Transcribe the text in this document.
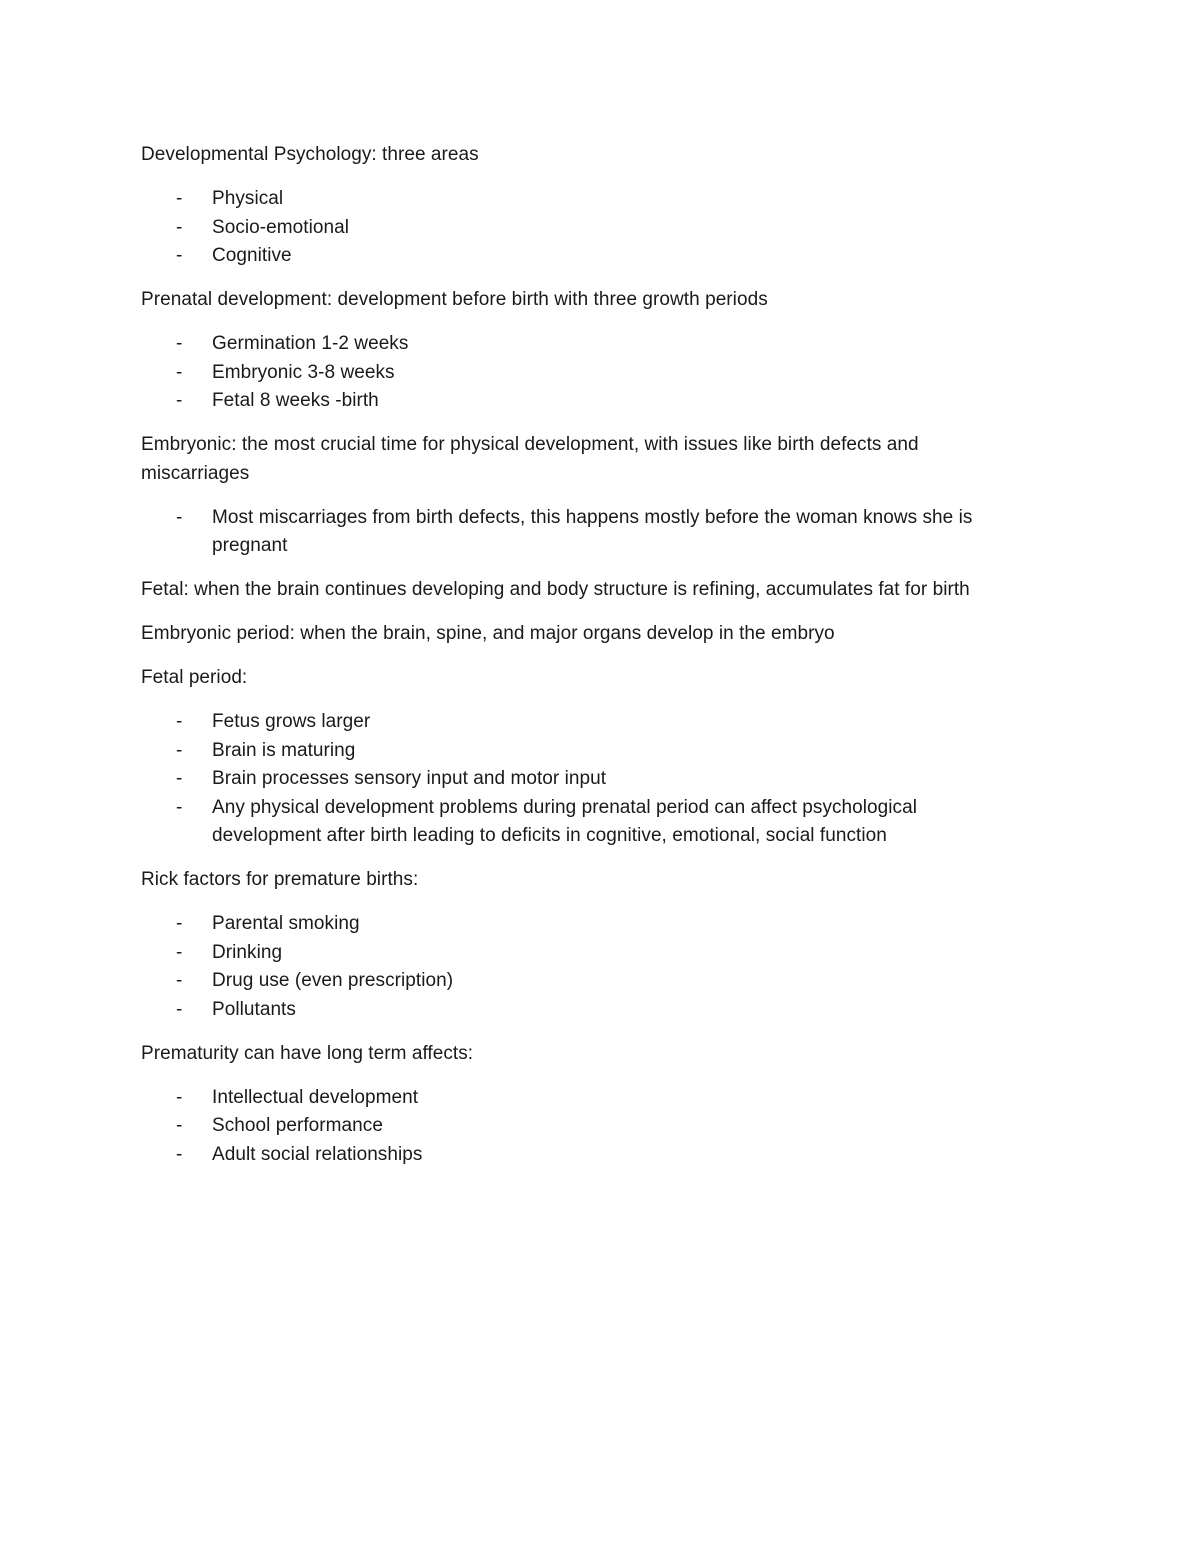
Developmental Psychology: three areas

- Physical
- Socio-emotional
- Cognitive

Prenatal development: development before birth with three growth periods

- Germination 1-2 weeks
- Embryonic 3-8 weeks
- Fetal 8 weeks -birth

Embryonic: the most crucial time for physical development, with issues like birth defects and miscarriages

- Most miscarriages from birth defects, this happens mostly before the woman knows she is pregnant

Fetal: when the brain continues developing and body structure is refining, accumulates fat for birth

Embryonic period: when the brain, spine, and major organs develop in the embryo

Fetal period:

- Fetus grows larger
- Brain is maturing
- Brain processes sensory input and motor input
- Any physical development problems during prenatal period can affect psychological development after birth leading to deficits in cognitive, emotional, social function

Rick factors for premature births:

- Parental smoking
- Drinking
- Drug use (even prescription)
- Pollutants

Prematurity can have long term affects:

- Intellectual development
- School performance
- Adult social relationships
